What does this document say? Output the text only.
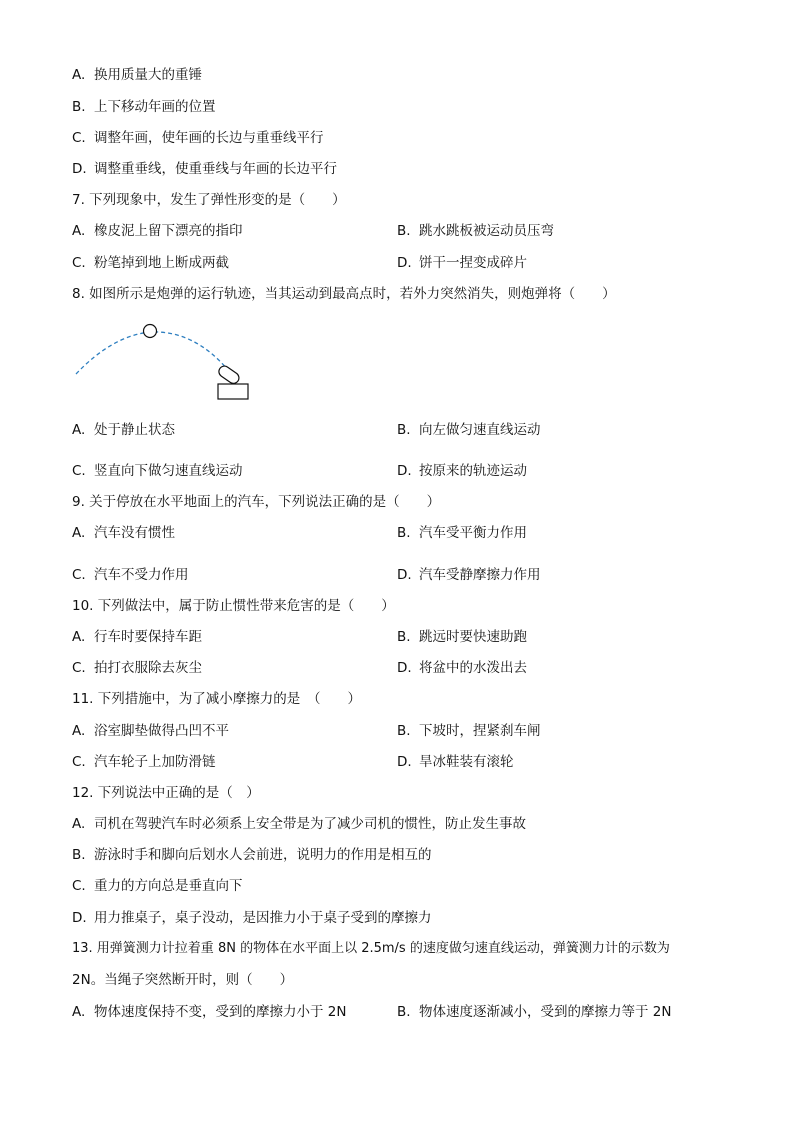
A. 换用质量大的重锤
B. 上下移动年画的位置
C. 调整年画，使年画的长边与重垂线平行
D. 调整重垂线，使重垂线与年画的长边平行
7. 下列现象中，发生了弹性形变的是（　　）
A. 橡皮泥上留下漂亮的指印	B. 跳水跳板被运动员压弯
C. 粉笔掉到地上断成两截	D. 饼干一捏变成碎片
8. 如图所示是炮弹的运行轨迹，当其运动到最高点时，若外力突然消失，则炮弹将（　　）
A. 处于静止状态	B. 向左做匀速直线运动
C. 竖直向下做匀速直线运动	D. 按原来的轨迹运动
9. 关于停放在水平地面上的汽车，下列说法正确的是（　　）
A. 汽车没有惯性	B. 汽车受平衡力作用
C. 汽车不受力作用	D. 汽车受静摩擦力作用
10. 下列做法中，属于防止惯性带来危害的是（　　）
A. 行车时要保持车距	B. 跳远时要快速助跑
C. 拍打衣服除去灰尘	D. 将盆中的水泼出去
11. 下列措施中，为了减小摩擦力的是　（　　）
A. 浴室脚垫做得凸凹不平	B. 下坡时，捏紧刹车闸
C. 汽车轮子上加防滑链	D. 旱冰鞋装有滚轮
12. 下列说法中正确的是（　）
A. 司机在驾驶汽车时必须系上安全带是为了减少司机的惯性，防止发生事故
B. 游泳时手和脚向后划水人会前进，说明力的作用是相互的
C. 重力的方向总是垂直向下
D. 用力推桌子，桌子没动，是因推力小于桌子受到的摩擦力
13. 用弹簧测力计拉着重 8N 的物体在水平面上以 2.5m/s 的速度做匀速直线运动，弹簧测力计的示数为
2N。当绳子突然断开时，则（　　）
A. 物体速度保持不变，受到的摩擦力小于 2N	B. 物体速度逐渐减小，受到的摩擦力等于 2N
